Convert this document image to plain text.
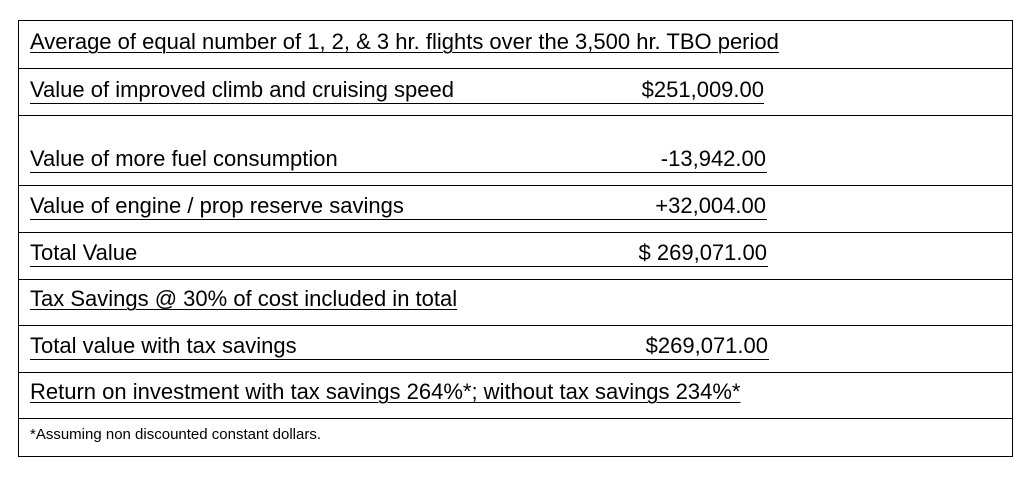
Average of equal number of 1, 2, & 3 hr. flights over the 3,500 hr. TBO period
Value of improved climb and cruising speed	$251,009.00
Value of more fuel consumption	-13,942.00
Value of engine / prop reserve savings	+32,004.00
Total Value	$ 269,071.00
Tax Savings @ 30% of cost included in total
Total value with tax savings	$269,071.00
Return on investment with tax savings 264%*; without tax savings 234%*
*Assuming non discounted constant dollars.
